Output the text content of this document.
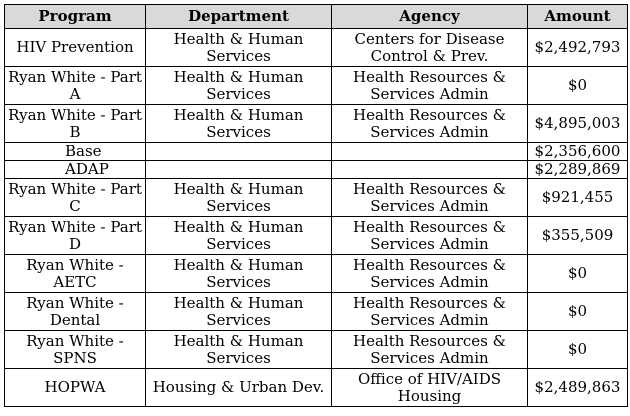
Program	Department	Agency	Amount
HIV Prevention	Health & Human Services	Centers for Disease Control & Prev.	$2,492,793
Ryan White - Part A	Health & Human Services	Health Resources & Services Admin	$0
Ryan White - Part B	Health & Human Services	Health Resources & Services Admin	$4,895,003
Base			$2,356,600
ADAP			$2,289,869
Ryan White - Part C	Health & Human Services	Health Resources & Services Admin	$921,455
Ryan White - Part D	Health & Human Services	Health Resources & Services Admin	$355,509
Ryan White - AETC	Health & Human Services	Health Resources & Services Admin	$0
Ryan White - Dental	Health & Human Services	Health Resources & Services Admin	$0
Ryan White - SPNS	Health & Human Services	Health Resources & Services Admin	$0
HOPWA	Housing & Urban Dev.	Office of HIV/AIDS Housing	$2,489,863
